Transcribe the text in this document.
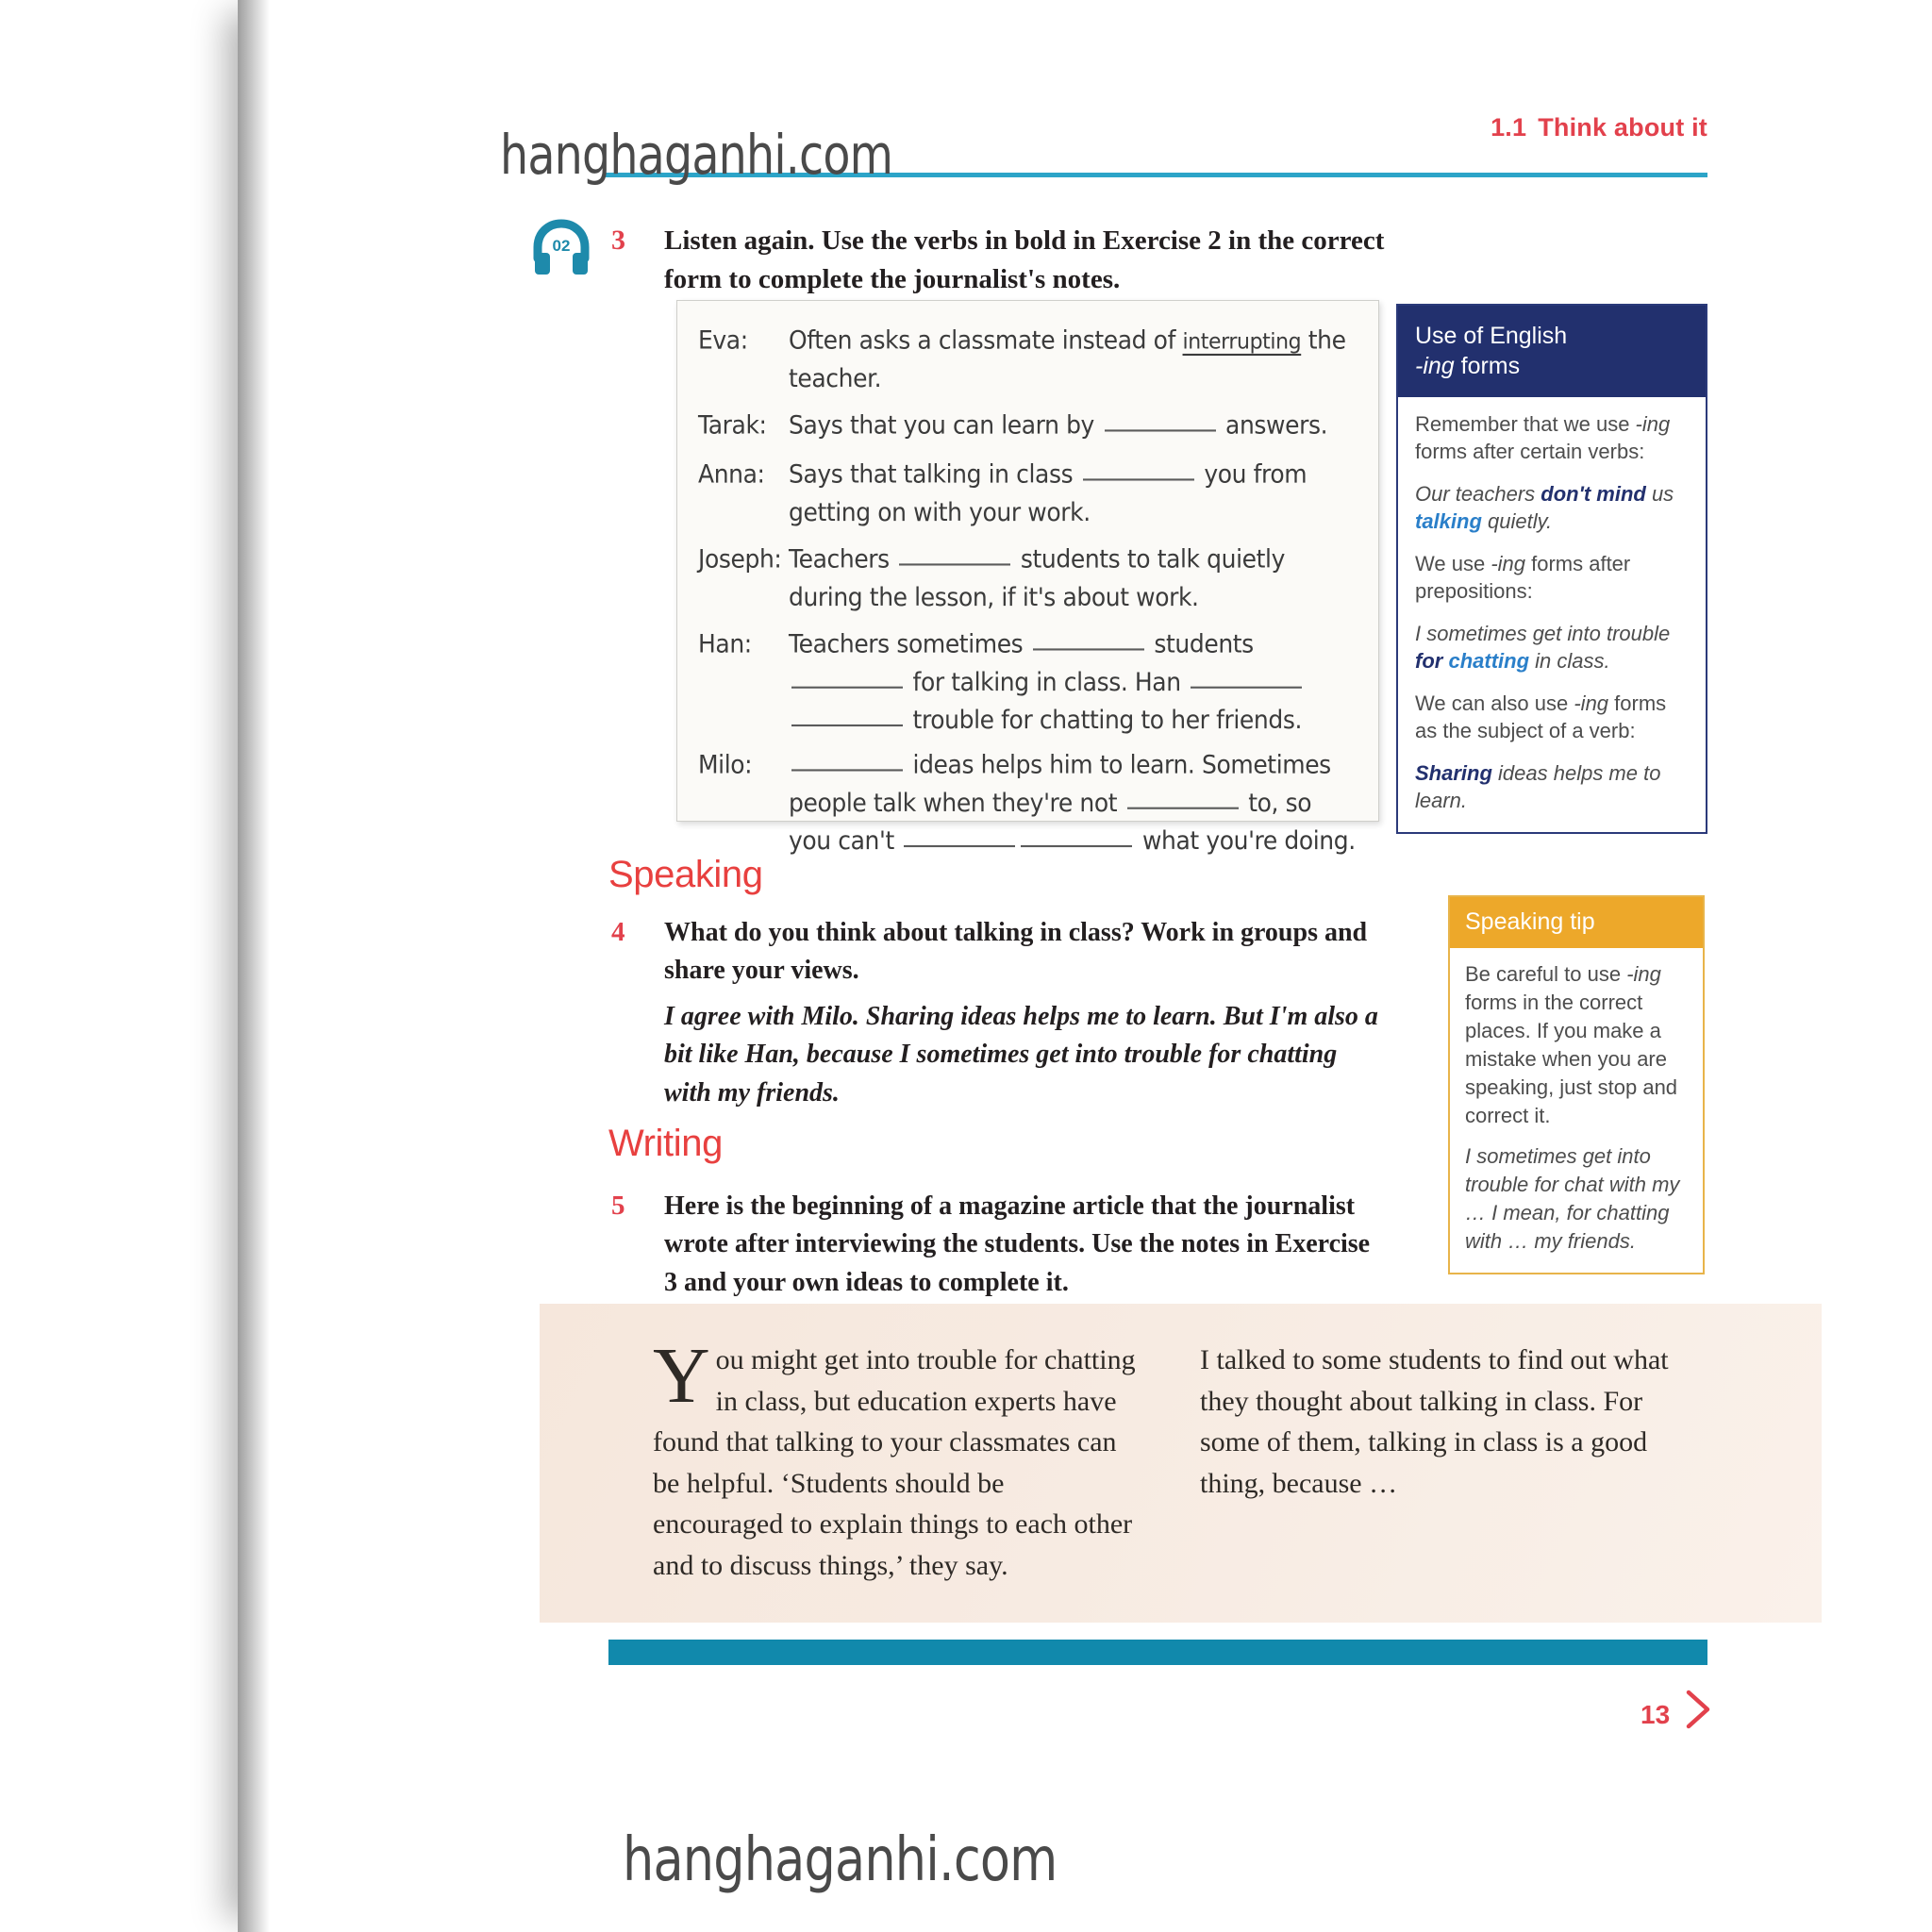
1.1 Think about it
02 3 Listen again. Use the verbs in bold in Exercise 2 in the correct form to complete the journalist's notes.
Eva:	Often asks a classmate instead of interrupting the teacher.
Tarak: Says that you can learn by	answers.
Anna:	Says that talking in class	you from getting on with your work.
Joseph: Teachers	students to talk quietly during the lesson, if it's about work.
Han:	Teachers sometimes	students  for talking in class. Han  trouble for chatting to her friends.
Milo:	ideas helps him to learn. Sometimes people talk when they're not	to, so you can't	what you're doing.
Use of English
-ing forms

Remember that we use -ing forms after certain verbs:

Our teachers don't mind us talking quietly.

We use -ing forms after prepositions:

I sometimes get into trouble for chatting in class.

We can also use -ing forms as the subject of a verb:

Sharing ideas helps me to learn.

Speaking
4 What do you think about talking in class? Work in groups and share your views.
I agree with Milo. Sharing ideas helps me to learn. But I'm also a bit like Han, because I sometimes get into trouble for chatting with my friends.
Writing
5 Here is the beginning of a magazine article that the journalist wrote after interviewing the students. Use the notes in Exercise 3 and your own ideas to complete it.
Speaking tip

Be careful to use -ing forms in the correct places. If you make a mistake when you are speaking, just stop and correct it.

I sometimes get into trouble for chat with my … I mean, for chatting with … my friends.

You might get into trouble for chatting in class, but education experts have found that talking to your classmates can be helpful. ‘Students should be encouraged to explain things to each other and to discuss things,’ they say.
I talked to some students to find out what they thought about talking in class. For some of them, talking in class is a good thing, because …
13
hanghaganhi.com
hanghaganhi.com
